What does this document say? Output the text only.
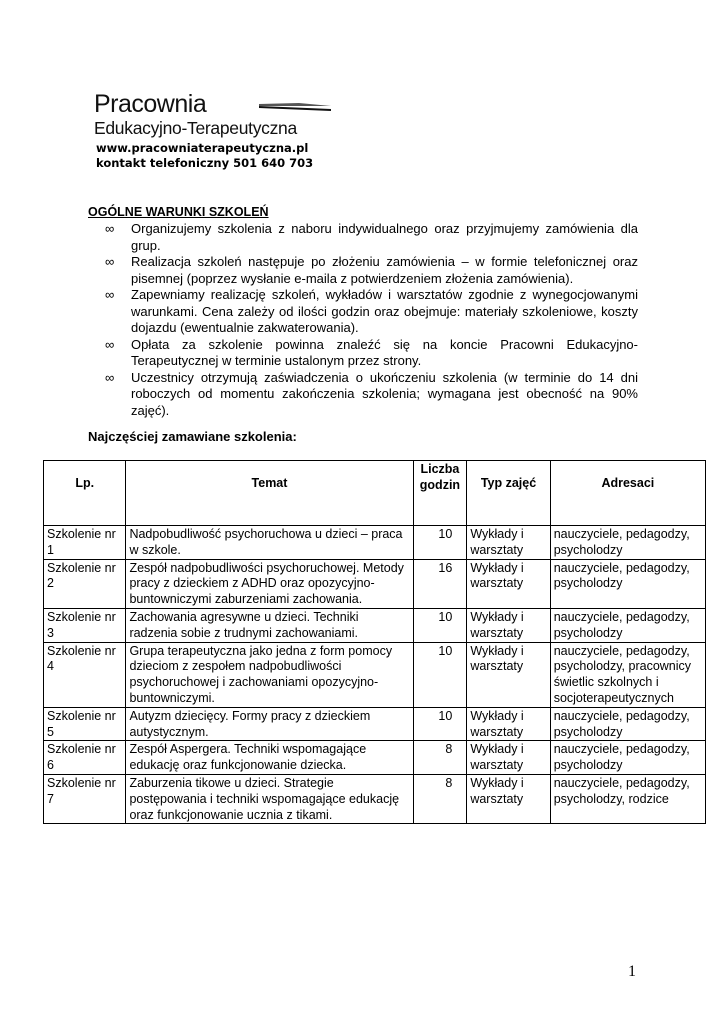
Pracownia
Edukacyjno-Terapeutyczna
www.pracowniaterapeutyczna.pl
kontakt telefoniczny 501 640 703
OGÓLNE WARUNKI SZKOLEŃ
∞	Organizujemy szkolenia z naboru indywidualnego oraz przyjmujemy zamówienia dla grup.
∞	Realizacja szkoleń następuje po złożeniu zamówienia – w formie telefonicznej oraz pisemnej (poprzez wysłanie e-maila z potwierdzeniem złożenia zamówienia).
∞	Zapewniamy realizację szkoleń, wykładów i warsztatów zgodnie z wynegocjowanymi warunkami. Cena zależy od ilości godzin oraz obejmuje: materiały szkoleniowe, koszty dojazdu (ewentualnie zakwaterowania).
∞	Opłata za szkolenie powinna znaleźć się na koncie Pracowni Edukacyjno-Terapeutycznej w terminie ustalonym przez strony.
∞	Uczestnicy otrzymują zaświadczenia o ukończeniu szkolenia (w terminie do 14 dni roboczych od momentu zakończenia szkolenia; wymagana jest obecność na 90% zajęć).
Najczęściej zamawiane szkolenia:
Lp.	Temat	Liczba godzin	Typ zajęć	Adresaci
Szkolenie nr 1	Nadpobudliwość psychoruchowa u dzieci – praca w szkole.	10	Wykłady i warsztaty	nauczyciele, pedagodzy, psycholodzy
Szkolenie nr 2	Zespół nadpobudliwości psychoruchowej. Metody pracy z dzieckiem z ADHD oraz opozycyjno-buntowniczymi zaburzeniami zachowania.	16	Wykłady i warsztaty	nauczyciele, pedagodzy, psycholodzy
Szkolenie nr 3	Zachowania agresywne u dzieci. Techniki radzenia sobie z trudnymi zachowaniami.	10	Wykłady i warsztaty	nauczyciele, pedagodzy, psycholodzy
Szkolenie nr 4	Grupa terapeutyczna jako jedna z form pomocy dzieciom z zespołem nadpobudliwości psychoruchowej i zachowaniami opozycyjno-buntowniczymi.	10	Wykłady i warsztaty	nauczyciele, pedagodzy, psycholodzy, pracownicy świetlic szkolnych i socjoterapeutycznych
Szkolenie nr 5	Autyzm dziecięcy. Formy pracy z dzieckiem autystycznym.	10	Wykłady i warsztaty	nauczyciele, pedagodzy, psycholodzy
Szkolenie nr 6	Zespół Aspergera. Techniki wspomagające edukację oraz funkcjonowanie dziecka.	8	Wykłady i warsztaty	nauczyciele, pedagodzy, psycholodzy
Szkolenie nr 7	Zaburzenia tikowe u dzieci. Strategie postępowania i techniki wspomagające edukację oraz funkcjonowanie ucznia z tikami.	8	Wykłady i warsztaty	nauczyciele, pedagodzy, psycholodzy, rodzice
1
